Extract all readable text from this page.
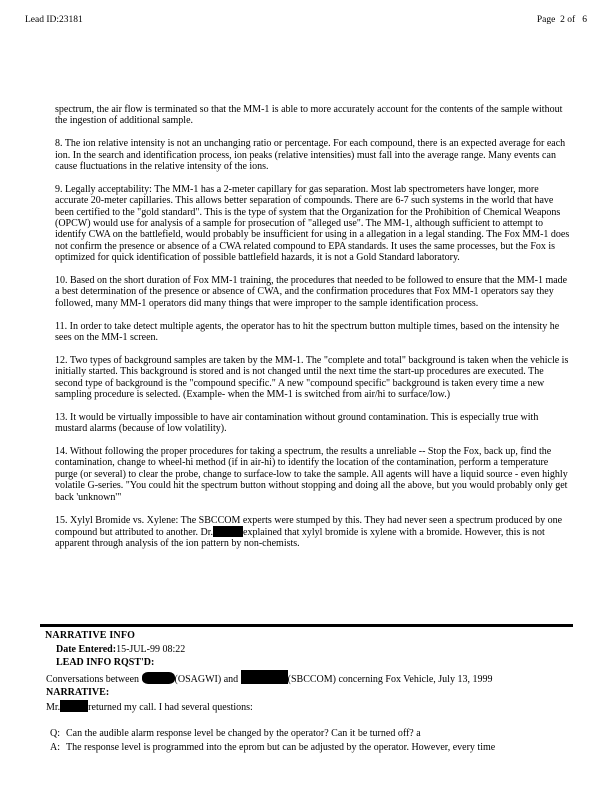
Lead ID:23181	Page  2 of   6

spectrum, the air flow is terminated so that the MM-1 is able to more accurately account for the contents of the sample without the ingestion of additional sample.

8. The ion relative intensity is not an unchanging ratio or percentage. For each compound, there is an expected average for each ion. In the search and identification process, ion peaks (relative intensities) must fall into the average range. Many events can cause fluctuations in the relative intensity of the ions.

9. Legally acceptability: The MM-1 has a 2-meter capillary for gas separation. Most lab spectrometers have longer, more accurate 20-meter capillaries. This allows better separation of compounds. There are 6-7 such systems in the world that have been certified to the "gold standard". This is the type of system that the Organization for the Prohibition of Chemical Weapons (OPCW) would use for analysis of a sample for prosecution of "alleged use". The MM-1, although sufficient to attempt to identify CWA on the battlefield, would probably be insufficient for using in a allegation in a legal standing. The Fox MM-1 does not confirm the presence or absence of a CWA related compound to EPA standards. It uses the same processes, but the Fox is optimized for quick identification of possible battlefield hazards, it is not a Gold Standard laboratory.

10. Based on the short duration of Fox MM-1 training, the procedures that needed to be followed to ensure that the MM-1 made a best determination of the presence or absence of CWA, and the confirmation procedures that Fox MM-1 operators say they followed, many MM-1 operators did many things that were improper to the sample identification process.

11. In order to take detect multiple agents, the operator has to hit the spectrum button multiple times, based on the intensity he sees on the MM-1 screen.

12. Two types of background samples are taken by the MM-1. The "complete and total" background is taken when the vehicle is initially started. This background is stored and is not changed until the next time the start-up procedures are executed. The second type of background is the "compound specific." A new "compound specific" background is taken every time a new sampling procedure is selected. (Example- when the MM-1 is switched from air/hi to surface/low.)

13. It would be virtually impossible to have air contamination without ground contamination. This is especially true with mustard alarms (because of low volatility).

14. Without following the proper procedures for taking a spectrum, the results a unreliable -- Stop the Fox, back up, find the contamination, change to wheel-hi method (if in air-hi) to identify the location of the contamination, perform a temperature purge (or several) to clear the probe, change to surface-low to take the sample. All agents will have a liquid source - even highly volatile G-series. "You could hit the spectrum button without stopping and doing all the above, but you would probably only get back 'unknown'"

15. Xylyl Bromide vs. Xylene: The SBCCOM experts were stumped by this. They had never seen a spectrum produced by one compound but attributed to another. Dr.	explained that xylyl bromide is xylene with a bromide. However, this is not apparent through analysis of the ion pattern by non-chemists.

NARRATIVE INFO
Date Entered:15-JUL-99 08:22
LEAD INFO RQST'D:
Conversations between	(OSAGWI) and	(SBCCOM) concerning Fox Vehicle, July 13, 1999
NARRATIVE:
Mr.	returned my call. I had several questions:
Q: Can the audible alarm response level be changed by the operator? Can it be turned off? a
A: The response level is programmed into the eprom but can be adjusted by the operator. However, every time
